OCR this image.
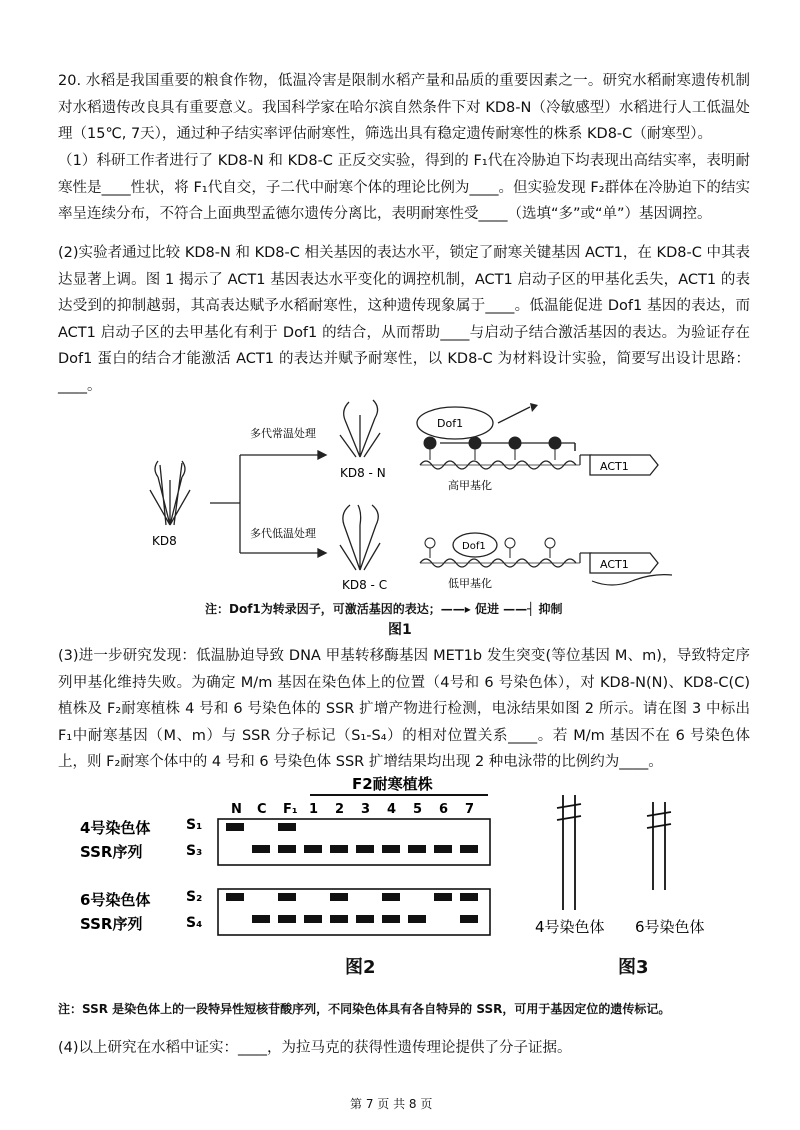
20. 水稻是我国重要的粮食作物，低温冷害是限制水稻产量和品质的重要因素之一。研究水稻耐寒遗传机制对水稻遗传改良具有重要意义。我国科学家在哈尔滨自然条件下对 KD8-N（冷敏感型）水稻进行人工低温处理（15℃, 7天），通过种子结实率评估耐寒性，筛选出具有稳定遗传耐寒性的株系 KD8-C（耐寒型）。
（1）科研工作者进行了 KD8-N 和 KD8-C 正反交实验，得到的 F₁代在冷胁迫下均表现出高结实率，表明耐寒性是____性状，将 F₁代自交，子二代中耐寒个体的理论比例为____。但实验发现 F₂群体在冷胁迫下的结实率呈连续分布，不符合上面典型孟德尔遗传分离比，表明耐寒性受____（选填“多”或“单”）基因调控。
(2)实验者通过比较 KD8-N 和 KD8-C 相关基因的表达水平，锁定了耐寒关键基因 ACT1，在 KD8-C 中其表达显著上调。图 1 揭示了 ACT1 基因表达水平变化的调控机制，ACT1 启动子区的甲基化丢失，ACT1 的表达受到的抑制越弱，其高表达赋予水稻耐寒性，这种遗传现象属于____。低温能促进 Dof1 基因的表达，而 ACT1 启动子区的去甲基化有利于 Dof1 的结合，从而帮助____与启动子结合激活基因的表达。为验证存在 Dof1 蛋白的结合才能激活 ACT1 的表达并赋予耐寒性，以 KD8-C 为材料设计实验，简要写出设计思路：____。
KD8
多代常温处理
多代低温处理
KD8 - N
KD8 - C
Dof1
ACT1
高甲基化
Dof1
ACT1
低甲基化
注：Dof1为转录因子，可激活基因的表达；——▸ 促进 ——┤ 抑制
图1
(3)进一步研究发现：低温胁迫导致 DNA 甲基转移酶基因 MET1b 发生突变(等位基因 M、m)，导致特定序列甲基化维持失败。为确定 M/m 基因在染色体上的位置（4号和 6 号染色体），对 KD8-N(N)、KD8-C(C)植株及 F₂耐寒植株 4 号和 6 号染色体的 SSR 扩增产物进行检测，电泳结果如图 2 所示。请在图 3 中标出 F₁中耐寒基因（M、m）与 SSR 分子标记（S₁-S₄）的相对位置关系____。若 M/m 基因不在 6 号染色体上，则 F₂耐寒个体中的 4 号和 6 号染色体 SSR 扩增结果均出现 2 种电泳带的比例约为____。
F2耐寒植株
N C F₁ 1 2 3 4 5 6 7
4号染色体
SSR序列
6号染色体
SSR序列
S₁
S₃
S₂
S₄
图2
4号染色体 6号染色体
图3
注：SSR 是染色体上的一段特异性短核苷酸序列，不同染色体具有各自特异的 SSR，可用于基因定位的遗传标记。
(4)以上研究在水稻中证实：____，为拉马克的获得性遗传理论提供了分子证据。
第 7 页 共 8 页
